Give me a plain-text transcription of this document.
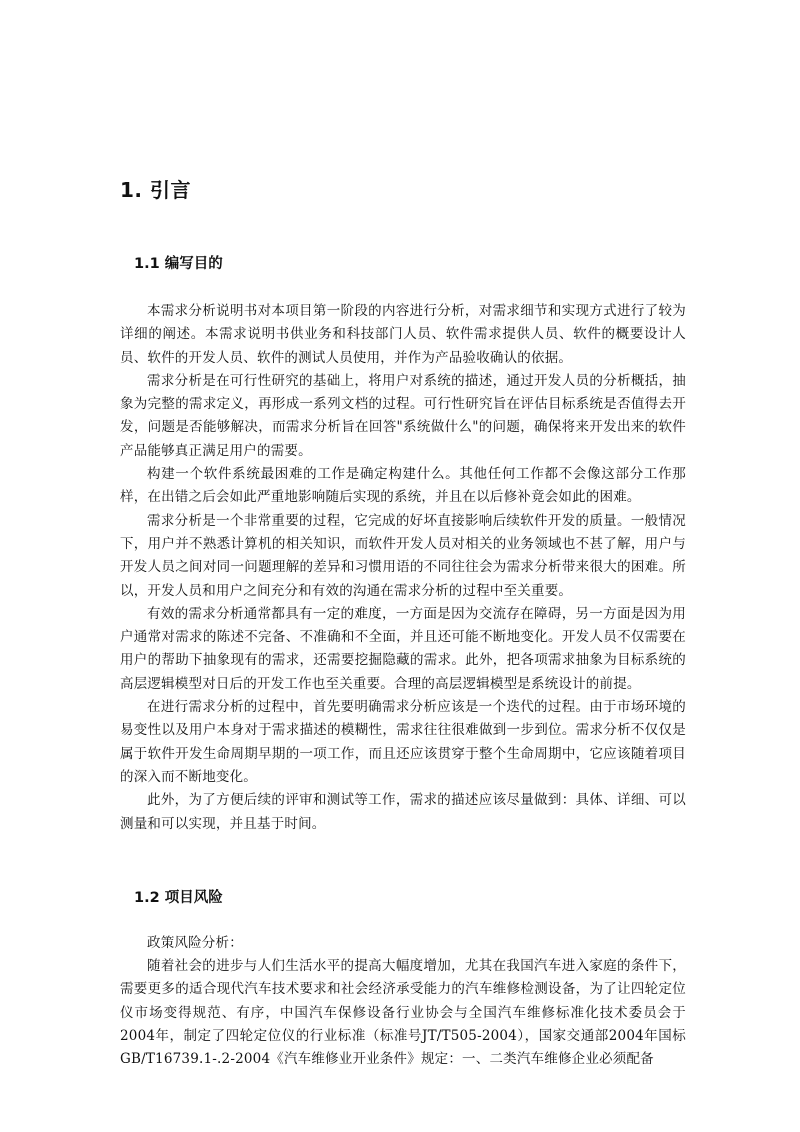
1. 引言
1.1 编写目的

本需求分析说明书对本项目第一阶段的内容进行分析，对需求细节和实现方式进行了较为详细的阐述。本需求说明书供业务和科技部门人员、软件需求提供人员、软件的概要设计人员、软件的开发人员、软件的测试人员使用，并作为产品验收确认的依据。

需求分析是在可行性研究的基础上，将用户对系统的描述，通过开发人员的分析概括，抽象为完整的需求定义，再形成一系列文档的过程。可行性研究旨在评估目标系统是否值得去开发，问题是否能够解决，而需求分析旨在回答"系统做什么"的问题，确保将来开发出来的软件产品能够真正满足用户的需要。

构建一个软件系统最困难的工作是确定构建什么。其他任何工作都不会像这部分工作那样，在出错之后会如此严重地影响随后实现的系统，并且在以后修补竟会如此的困难。

需求分析是一个非常重要的过程，它完成的好坏直接影响后续软件开发的质量。一般情况下，用户并不熟悉计算机的相关知识，而软件开发人员对相关的业务领域也不甚了解，用户与开发人员之间对同一问题理解的差异和习惯用语的不同往往会为需求分析带来很大的困难。所以，开发人员和用户之间充分和有效的沟通在需求分析的过程中至关重要。

有效的需求分析通常都具有一定的难度，一方面是因为交流存在障碍，另一方面是因为用户通常对需求的陈述不完备、不准确和不全面，并且还可能不断地变化。开发人员不仅需要在用户的帮助下抽象现有的需求，还需要挖掘隐藏的需求。此外，把各项需求抽象为目标系统的高层逻辑模型对日后的开发工作也至关重要。合理的高层逻辑模型是系统设计的前提。

在进行需求分析的过程中，首先要明确需求分析应该是一个迭代的过程。由于市场环境的易变性以及用户本身对于需求描述的模糊性，需求往往很难做到一步到位。需求分析不仅仅是属于软件开发生命周期早期的一项工作，而且还应该贯穿于整个生命周期中，它应该随着项目的深入而不断地变化。

此外，为了方便后续的评审和测试等工作，需求的描述应该尽量做到：具体、详细、可以测量和可以实现，并且基于时间。

1.2 项目风险

政策风险分析：

随着社会的进步与人们生活水平的提高大幅度增加，尤其在我国汽车进入家庭的条件下，需要更多的适合现代汽车技术要求和社会经济承受能力的汽车维修检测设备，为了让四轮定位仪市场变得规范、有序，中国汽车保修设备行业协会与全国汽车维修标准化技术委员会于2004年，制定了四轮定位仪的行业标准（标准号JT/T505-2004），国家交通部2004年国标GB/T16739.1-.2-2004《汽车维修业开业条件》规定：一、二类汽车维修企业必须配备
